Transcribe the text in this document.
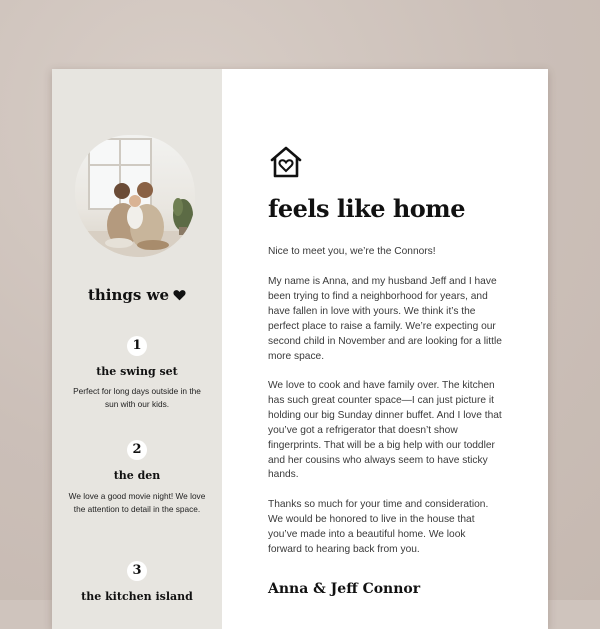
things we
1
the swing set
Perfect for long days outside in the sun with our kids.
2
the den
We love a good movie night! We love the attention to detail in the space.
3
the kitchen island
feels like home
Nice to meet you, we’re the Connors!
My name is Anna, and my husband Jeff and I have been trying to find a neighborhood for years, and have fallen in love with yours. We think it’s the perfect place to raise a family. We’re expecting our second child in November and are looking for a little more space.
We love to cook and have family over. The kitchen has such great counter space—I can just picture it holding our big Sunday dinner buffet. And I love that you’ve got a refrigerator that doesn’t show fingerprints. That will be a big help with our toddler and her cousins who always seem to have sticky hands.
Thanks so much for your time and consideration. We would be honored to live in the house that you’ve made into a beautiful home. We look forward to hearing back from you.
Anna & Jeff Connor
